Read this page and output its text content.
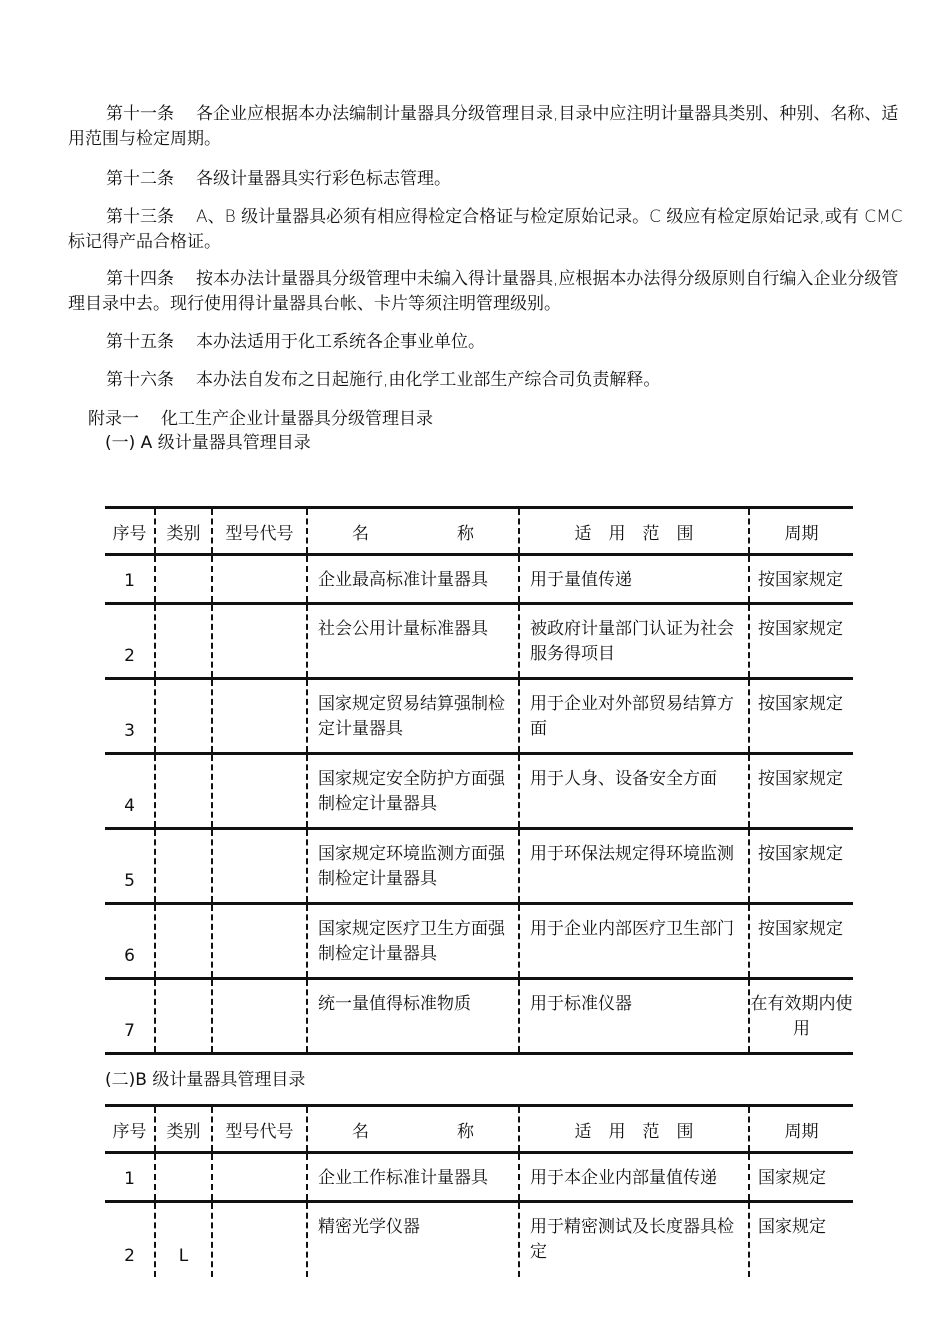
第十一条 各企业应根据本办法编制计量器具分级管理目录,目录中应注明计量器具类别、种别、名称、适用范围与检定周期。
第十二条 各级计量器具实行彩色标志管理。
第十三条 A、B 级计量器具必须有相应得检定合格证与检定原始记录。C 级应有检定原始记录,或有 CMC 标记得产品合格证。
第十四条 按本办法计量器具分级管理中未编入得计量器具,应根据本办法得分级原则自行编入企业分级管理目录中去。现行使用得计量器具台帐、卡片等须注明管理级别。
第十五条 本办法适用于化工系统各企事业单位。
第十六条 本办法自发布之日起施行,由化学工业部生产综合司负责解释。
附录一 化工生产企业计量器具分级管理目录
(一) A 级计量器具管理目录
序号	类别	型号代号	名 称	适　用　范　围	周期
1			企业最高标准计量器具	用于量值传递	按国家规定
2			社会公用计量标准器具	被政府计量部门认证为社会服务得项目	按国家规定
3			国家规定贸易结算强制检定计量器具	用于企业对外部贸易结算方面	按国家规定
4			国家规定安全防护方面强制检定计量器具	用于人身、设备安全方面	按国家规定
5			国家规定环境监测方面强制检定计量器具	用于环保法规定得环境监测	按国家规定
6			国家规定医疗卫生方面强制检定计量器具	用于企业内部医疗卫生部门	按国家规定
7			统一量值得标准物质	用于标准仪器	在有效期内使用
(二)B 级计量器具管理目录
序号	类别	型号代号	名 称	适　用　范　围	周期
1			企业工作标准计量器具	用于本企业内部量值传递	国家规定
2	L		精密光学仪器	用于精密测试及长度器具检定	国家规定
